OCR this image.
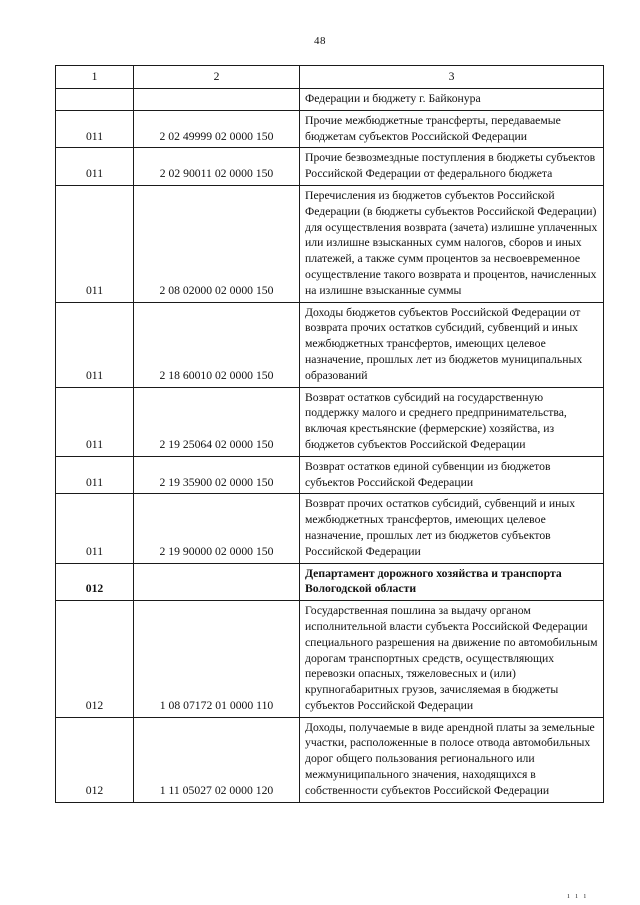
48
1	2	3
		Федерации и бюджету г. Байконура
011	2 02 49999 02 0000 150	Прочие межбюджетные трансферты, передаваемые бюджетам субъектов Российской Федерации
011	2 02 90011 02 0000 150	Прочие безвозмездные поступления в бюджеты субъектов Российской Федерации от федерального бюджета
011	2 08 02000 02 0000 150	Перечисления из бюджетов субъектов Российской Федерации (в бюджеты субъектов Российской Федерации) для осуществления возврата (зачета) излишне уплаченных или излишне взысканных сумм налогов, сборов и иных платежей, а также сумм процентов за несвоевременное осуществление такого возврата и процентов, начисленных на излишне взысканные суммы
011	2 18 60010 02 0000 150	Доходы бюджетов субъектов Российской Федерации от возврата прочих остатков субсидий, субвенций и иных межбюджетных трансфертов, имеющих целевое назначение, прошлых лет из бюджетов муниципальных образований
011	2 19 25064 02 0000 150	Возврат остатков субсидий на государственную поддержку малого и среднего предпринимательства, включая крестьянские (фермерские) хозяйства, из бюджетов субъектов Российской Федерации
011	2 19 35900 02 0000 150	Возврат остатков единой субвенции из бюджетов субъектов Российской Федерации
011	2 19 90000 02 0000 150	Возврат прочих остатков субсидий, субвенций и иных межбюджетных трансфертов, имеющих целевое назначение, прошлых лет из бюджетов субъектов Российской Федерации
012		Департамент дорожного хозяйства и транспорта Вологодской области
012	1 08 07172 01 0000 110	Государственная пошлина за выдачу органом исполнительной власти субъекта Российской Федерации специального разрешения на движение по автомобильным дорогам транспортных средств, осуществляющих перевозки опасных, тяжеловесных и (или) крупногабаритных грузов, зачисляемая в бюджеты субъектов Российской Федерации
012	1 11 05027 02 0000 120	Доходы, получаемые в виде арендной платы за земельные участки, расположенные в полосе отвода автомобильных дорог общего пользования регионального или межмуниципального значения, находящихся в собственности субъектов Российской Федерации
ı ı ı
